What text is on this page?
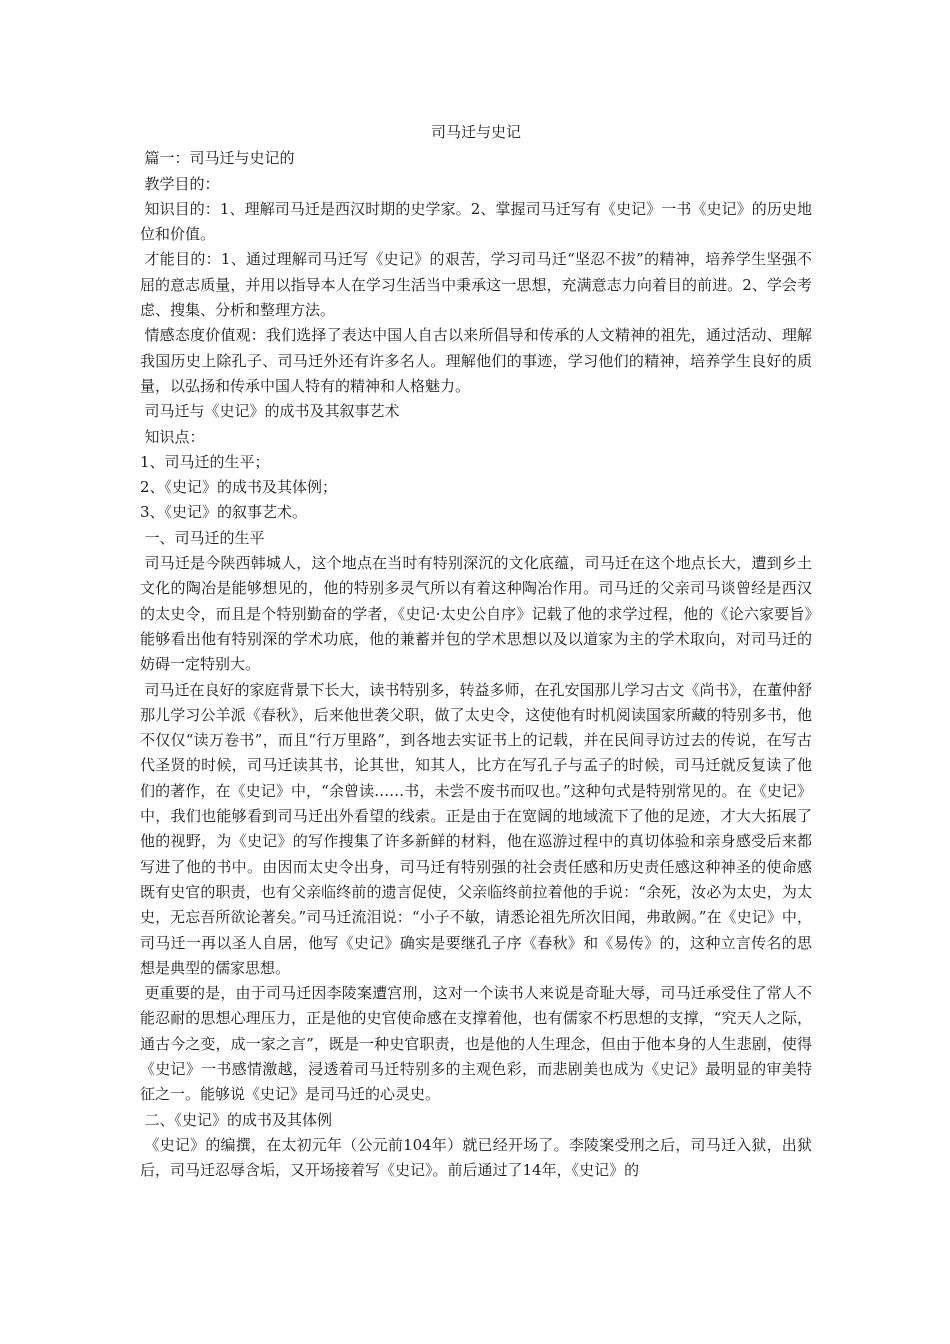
司马迁与史记

篇一：司马迁与史记的

教学目的：

知识目的：1、理解司马迁是西汉时期的史学家。2、掌握司马迁写有《史记》一书《史记》的历史地位和价值。

才能目的：1、通过理解司马迁写《史记》的艰苦，学习司马迁“坚忍不拔”的精神，培养学生坚强不屈的意志质量，并用以指导本人在学习生活当中秉承这一思想，充满意志力向着目的前进。2、学会考虑、搜集、分析和整理方法。

情感态度价值观：我们选择了表达中国人自古以来所倡导和传承的人文精神的祖先，通过活动、理解我国历史上除孔子、司马迁外还有许多名人。理解他们的事迹，学习他们的精神，培养学生良好的质量，以弘扬和传承中国人特有的精神和人格魅力。

司马迁与《史记》的成书及其叙事艺术

知识点：

1、司马迁的生平；

2、《史记》的成书及其体例；

3、《史记》的叙事艺术。

一、司马迁的生平

司马迁是今陕西韩城人，这个地点在当时有特别深沉的文化底蕴，司马迁在这个地点长大，遭到乡土文化的陶冶是能够想见的，他的特别多灵气所以有着这种陶冶作用。司马迁的父亲司马谈曾经是西汉的太史令，而且是个特别勤奋的学者，《史记·太史公自序》记载了他的求学过程，他的《论六家要旨》能够看出他有特别深的学术功底，他的兼蓄并包的学术思想以及以道家为主的学术取向，对司马迁的妨碍一定特别大。

司马迁在良好的家庭背景下长大，读书特别多，转益多师，在孔安国那儿学习古文《尚书》，在董仲舒那儿学习公羊派《春秋》，后来他世袭父职，做了太史令，这使他有时机阅读国家所藏的特别多书，他不仅仅“读万卷书”，而且“行万里路”，到各地去实证书上的记载，并在民间寻访过去的传说，在写古代圣贤的时候，司马迁读其书，论其世，知其人，比方在写孔子与孟子的时候，司马迁就反复读了他们的著作，在《史记》中，“余曾读……书，未尝不废书而叹也。”这种句式是特别常见的。在《史记》中，我们也能够看到司马迁出外看望的线索。正是由于在宽阔的地域流下了他的足迹，才大大拓展了他的视野，为《史记》的写作搜集了许多新鲜的材料，他在巡游过程中的真切体验和亲身感受后来都写进了他的书中。由因而太史令出身，司马迁有特别强的社会责任感和历史责任感这种神圣的使命感既有史官的职责，也有父亲临终前的遗言促使，父亲临终前拉着他的手说：“余死，汝必为太史，为太史，无忘吾所欲论著矣。”司马迁流泪说：“小子不敏，请悉论祖先所次旧闻，弗敢阙。”在《史记》中，司马迁一再以圣人自居，他写《史记》确实是要继孔子序《春秋》和《易传》的，这种立言传名的思想是典型的儒家思想。

更重要的是，由于司马迁因李陵案遭宫刑，这对一个读书人来说是奇耻大辱，司马迁承受住了常人不能忍耐的思想心理压力，正是他的史官使命感在支撑着他，也有儒家不朽思想的支撑，“究天人之际，通古今之变，成一家之言”，既是一种史官职责，也是他的人生理念，但由于他本身的人生悲剧，使得《史记》一书感情激越，浸透着司马迁特别多的主观色彩，而悲剧美也成为《史记》最明显的审美特征之一。能够说《史记》是司马迁的心灵史。

二、《史记》的成书及其体例

《史记》的编撰，在太初元年（公元前104年）就已经开场了。李陵案受刑之后，司马迁入狱，出狱后，司马迁忍辱含垢，又开场接着写《史记》。前后通过了14年，《史记》的
